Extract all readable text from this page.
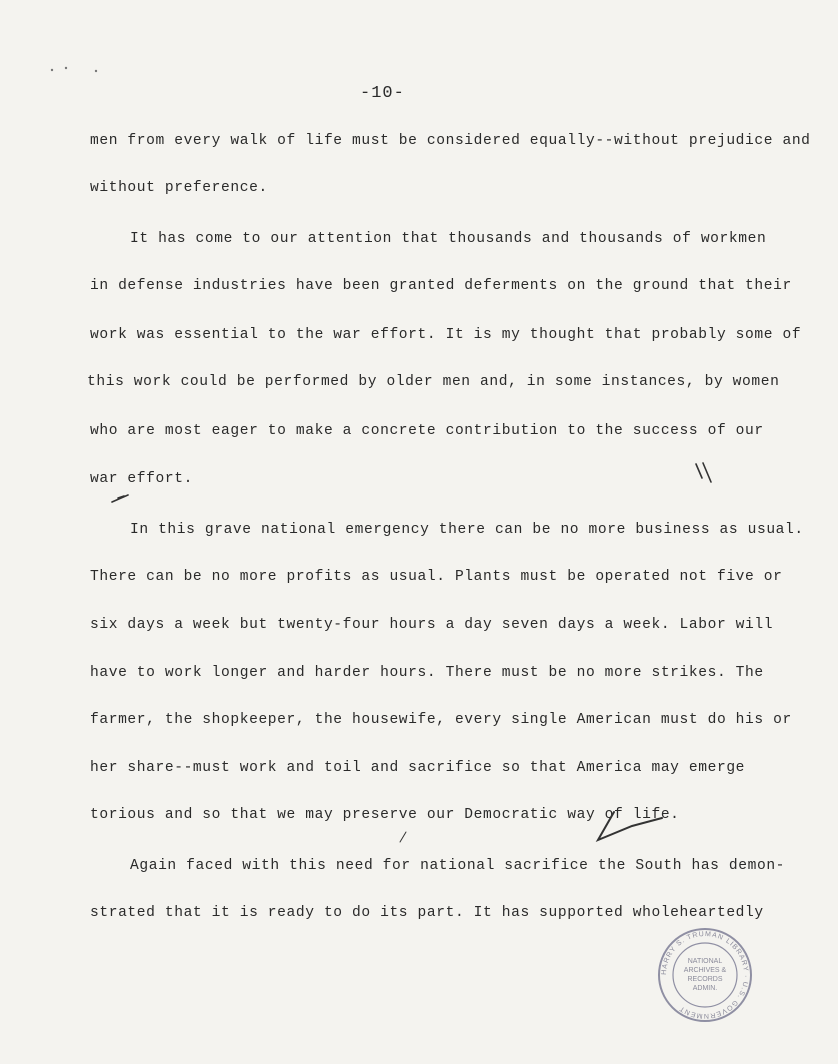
-10-
men from every walk of life must be considered equally--without prejudice and
without preference.
It has come to our attention that thousands and thousands of workmen
in defense industries have been granted deferments on the ground that their
work was essential to the war effort. It is my thought that probably some of
this work could be performed by older men and, in some instances, by women
who are most eager to make a concrete contribution to the success of our
war effort.
In this grave national emergency there can be no more business as usual.
There can be no more profits as usual. Plants must be operated not five or
six days a week but twenty-four hours a day seven days a week. Labor will
have to work longer and harder hours. There must be no more strikes. The
farmer, the shopkeeper, the housewife, every single American must do his or
her share--must work and toil and sacrifice so that America may emerge
torious and so that we may preserve our Democratic way of life.
Again faced with this need for national sacrifice the South has demon-
strated that it is ready to do its part. It has supported wholeheartedly
HARRY S. TRUMAN LIBRARY · U.S. GOVERNMENT
NATIONAL
ARCHIVES &
RECORDS
ADMIN.
